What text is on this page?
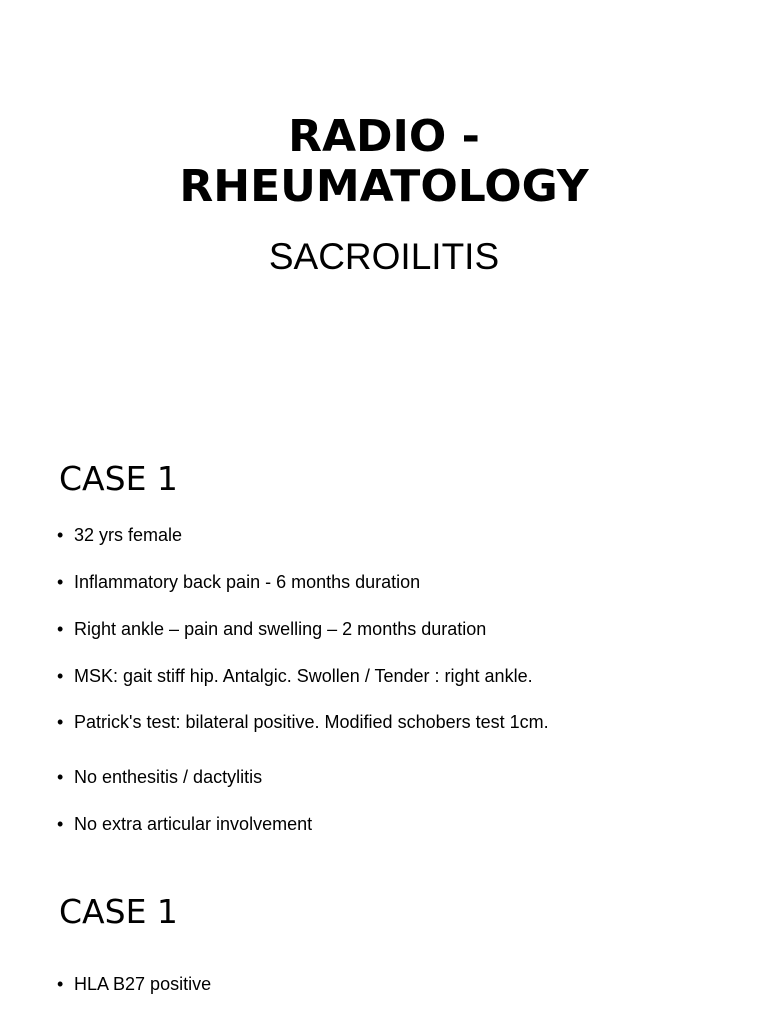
RADIO -
RHEUMATOLOGY

SACROILITIS

CASE 1
•32 yrs female
•Inflammatory back pain - 6 months duration
•Right ankle – pain and swelling – 2 months duration
•MSK: gait stiff hip. Antalgic. Swollen / Tender : right ankle.
•Patrick's test: bilateral positive. Modified schobers test 1cm.
•No enthesitis / dactylitis
•No extra articular involvement
CASE 1
•HLA B27 positive
